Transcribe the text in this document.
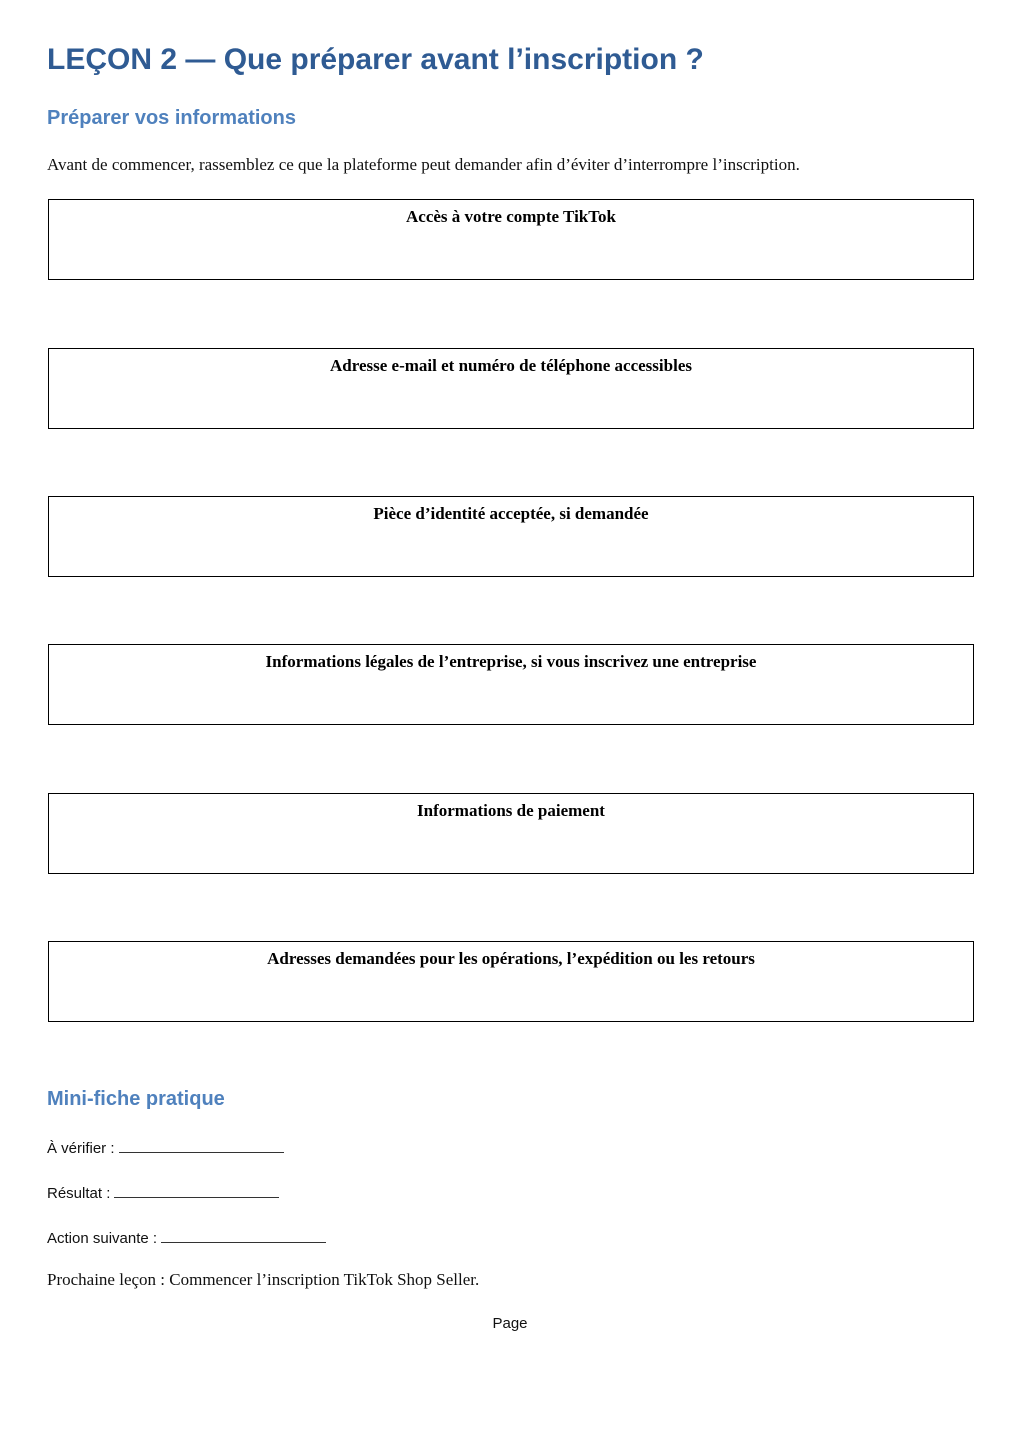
LEÇON 2 — Que préparer avant l’inscription ?
Préparer vos informations

Avant de commencer, rassemblez ce que la plateforme peut demander afin d’éviter d’interrompre l’inscription.

Accès à votre compte TikTok
Adresse e-mail et numéro de téléphone accessibles
Pièce d’identité acceptée, si demandée
Informations légales de l’entreprise, si vous inscrivez une entreprise
Informations de paiement
Adresses demandées pour les opérations, l’expédition ou les retours
Mini-fiche pratique

À vérifier :

Résultat :

Action suivante :

Prochaine leçon : Commencer l’inscription TikTok Shop Seller.

Page
